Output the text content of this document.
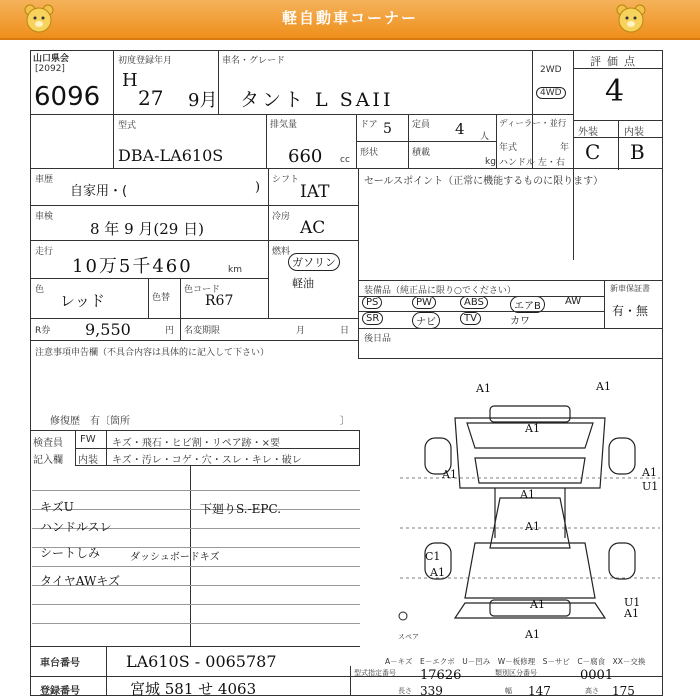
軽自動車コーナー
山口県会
[2092]
6096
初度登録年月
H
27 9月
車名・グレード
タント L SAII
2WD
4WD
評価点
4
型式
DBA-LA610S
排気量
660 cc
ドア 5 定員 4 人
形状	積載
kg
ディーラー・並行
年式	年
ハンドル 左・右
外装	内装
C B
車歴
自家用・(	) シフト
IAT
セールスポイント（正常に機能するものに限ります）
車検
8 年 9 月(29 日)
冷房
AC
走行
10万5千460	km
燃料
ガソリン
軽油
色
レッド	色替
色コード
R67
R券 9,550	円 名変期限	月	日
装備品（純正品に限り○でください）	新車保証書
PS	PW	ABS	エアB	AW
SR	ナビ	TV	カワ
有・無
後日品
注意事項申告欄（不具合内容は具体的に記入して下さい）
修復歴　有〔箇所	〕
検査員
記入欄
FW キズ・飛石・ヒビ割・リペア跡・×要
内装 キズ・汚レ・コゲ・穴・スレ・キレ・破レ
キズU
ハンドルスレ
シートしみ
タイヤAWキズ
ダッシュボードキズ
下廻りS.-EPC.
A1	A1
A1
A1	A1
U1
A1
A1
C1
A1
A1	U1
A1
A1
スペア
A－キズ　E－エクボ　U－凹み　W－板修理　S－サビ　C－腐食　XX－交換
車台番号	LA610S - 0065787
登録番号	宮城 581 せ 4063
型式指定番号 17626	類別区分番号	0001
長さ 339	幅 147	高さ 175
